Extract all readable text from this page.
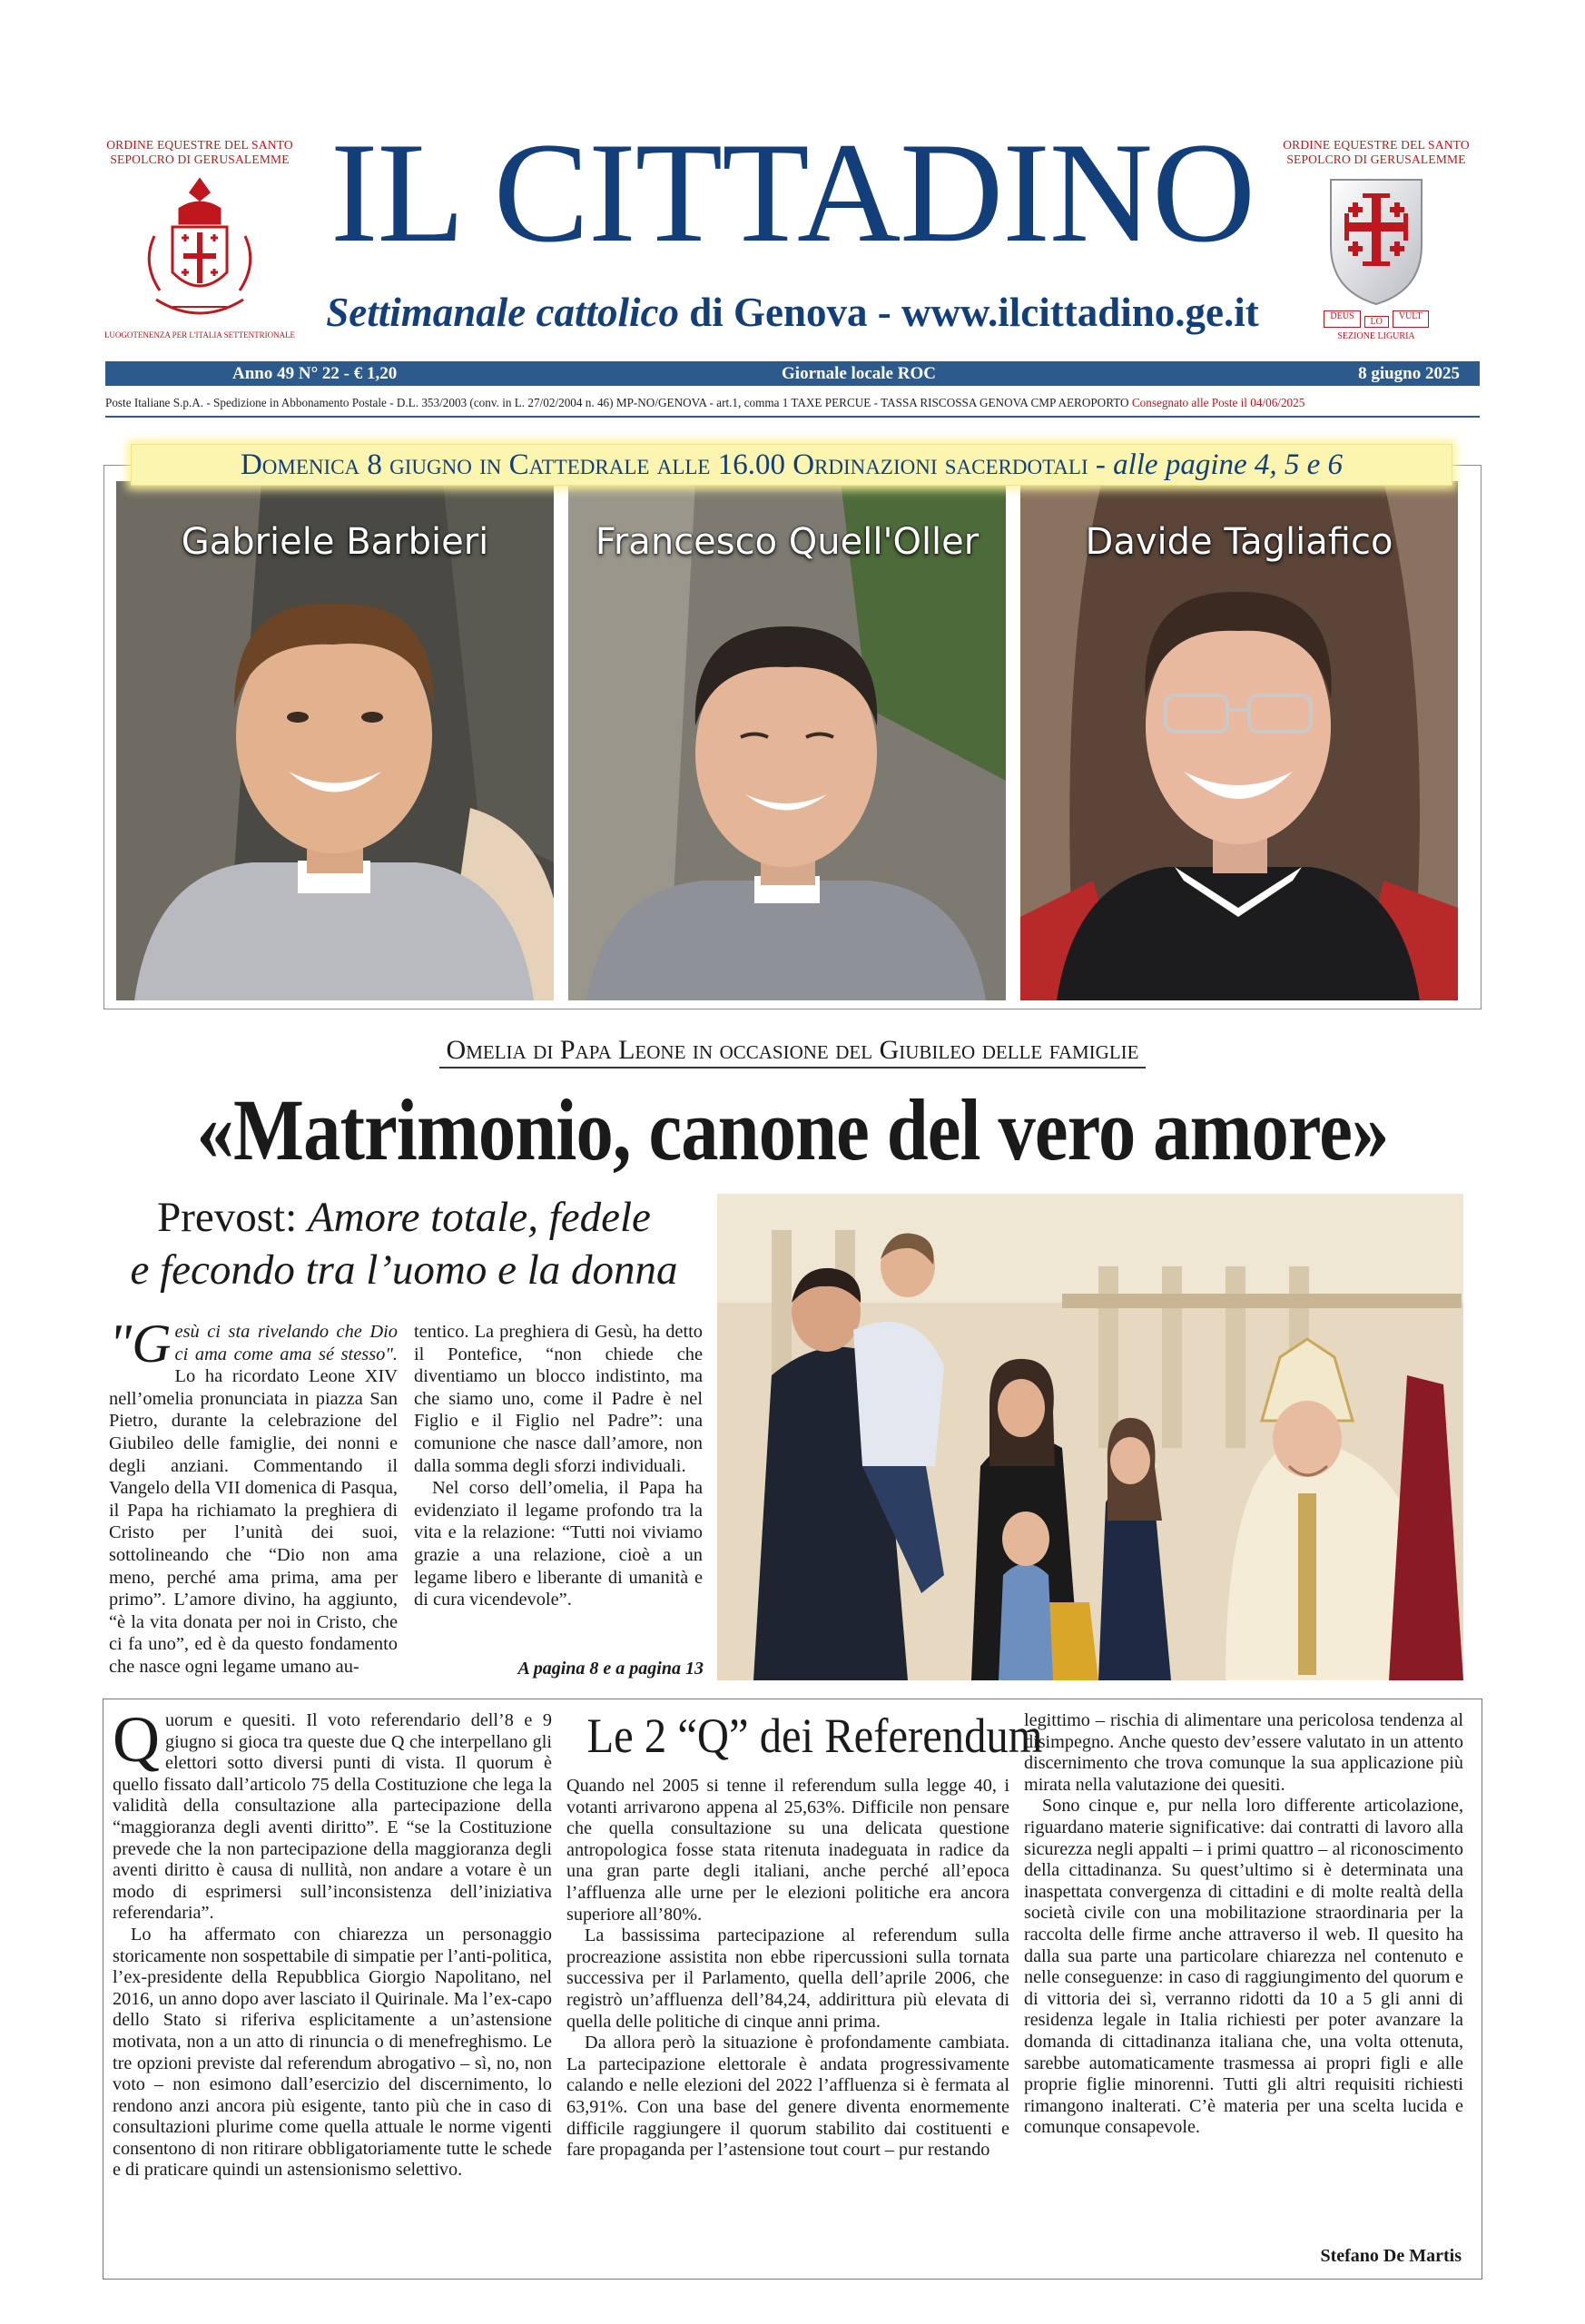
ORDINE EQUESTRE DEL SANTO
SEPOLCRO DI GERUSALEMME
LUOGOTENENZA PER L'ITALIA SETTENTRIONALE
IL CITTADINO
Settimanale cattolico di Genova - www.ilcittadino.ge.it
ORDINE EQUESTRE DEL SANTO
SEPOLCRO DI GERUSALEMME
DEUS
LO
VULT
SEZIONE LIGURIA
Anno 49 N° 22 - € 1,20	Giornale locale ROC	8 giugno 2025
Poste Italiane S.p.A. - Spedizione in Abbonamento Postale - D.L. 353/2003 (conv. in L. 27/02/2004 n. 46) MP-NO/GENOVA - art.1, comma 1 TAXE PERCUE - TASSA RISCOSSA GENOVA CMP AEROPORTO Consegnato alle Poste il 04/06/2025
Gabriele Barbieri	Francesco Quell'Oller	Davide Tagliafico
Domenica 8 giugno in Cattedrale alle 16.00 Ordinazioni sacerdotali - alle pagine 4, 5 e 6
Omelia di Papa Leone in occasione del Giubileo delle famiglie
«Matrimonio, canone del vero amore»
Prevost: Amore totale, fedele
e fecondo tra l’uomo e la donna

"Gesù ci sta rivelando che Dio ci ama come ama sé stesso". Lo ha ricordato Leone XIV nell’omelia pronunciata in piazza San Pietro, durante la celebrazione del Giubileo delle famiglie, dei nonni e degli anziani. Commentando il Vangelo della VII domenica di Pasqua, il Papa ha richiamato la preghiera di Cristo per l’unità dei suoi, sottolineando che “Dio non ama meno, perché ama prima, ama per primo”. L’amore divino, ha aggiunto, “è la vita donata per noi in Cristo, che ci fa uno”, ed è da questo fondamento che nasce ogni legame umano au-

tentico. La preghiera di Gesù, ha detto il Pontefice, “non chiede che diventiamo un blocco indistinto, ma che siamo uno, come il Padre è nel Figlio e il Figlio nel Padre”: una comunione che nasce dall’amore, non dalla somma degli sforzi individuali.

Nel corso dell’omelia, il Papa ha evidenziato il legame profondo tra la vita e la relazione: “Tutti noi viviamo grazie a una relazione, cioè a un legame libero e liberante di umanità e di cura vicendevole”.

A pagina 8 e a pagina 13
Le 2 “Q” dei Referendum

Quorum e quesiti. Il voto referendario dell’8 e 9 giugno si gioca tra queste due Q che interpellano gli elettori sotto diversi punti di vista. Il quorum è quello fissato dall’articolo 75 della Costituzione che lega la validità della consultazione alla partecipazione della “maggioranza degli aventi diritto”. E “se la Costituzione prevede che la non partecipazione della maggioranza degli aventi diritto è causa di nullità, non andare a votare è un modo di esprimersi sull’inconsistenza dell’iniziativa referendaria”.

Lo ha affermato con chiarezza un personaggio storicamente non sospettabile di simpatie per l’anti-politica, l’ex-presidente della Repubblica Giorgio Napolitano, nel 2016, un anno dopo aver lasciato il Quirinale. Ma l’ex-capo dello Stato si riferiva esplicitamente a un’astensione motivata, non a un atto di rinuncia o di menefreghismo. Le tre opzioni previste dal referendum abrogativo – sì, no, non voto – non esimono dall’esercizio del discernimento, lo rendono anzi ancora più esigente, tanto più che in caso di consultazioni plurime come quella attuale le norme vigenti consentono di non ritirare obbligatoriamente tutte le schede e di praticare quindi un astensionismo selettivo.

Quando nel 2005 si tenne il referendum sulla legge 40, i votanti arrivarono appena al 25,63%. Difficile non pensare che quella consultazione su una delicata questione antropologica fosse stata ritenuta inadeguata in radice da una gran parte degli italiani, anche perché all’epoca l’affluenza alle urne per le elezioni politiche era ancora superiore all’80%.

La bassissima partecipazione al referendum sulla procreazione assistita non ebbe ripercussioni sulla tornata successiva per il Parlamento, quella dell’aprile 2006, che registrò un’affluenza dell’84,24, addirittura più elevata di quella delle politiche di cinque anni prima.

Da allora però la situazione è profondamente cambiata. La partecipazione elettorale è andata progressivamente calando e nelle elezioni del 2022 l’affluenza si è fermata al 63,91%. Con una base del genere diventa enormemente difficile raggiungere il quorum stabilito dai costituenti e fare propaganda per l’astensione tout court – pur restando

legittimo – rischia di alimentare una pericolosa tendenza al disimpegno. Anche questo dev’essere valutato in un attento discernimento che trova comunque la sua applicazione più mirata nella valutazione dei quesiti.

Sono cinque e, pur nella loro differente articolazione, riguardano materie significative: dai contratti di lavoro alla sicurezza negli appalti – i primi quattro – al riconoscimento della cittadinanza. Su quest’ultimo si è determinata una inaspettata convergenza di cittadini e di molte realtà della società civile con una mobilitazione straordinaria per la raccolta delle firme anche attraverso il web. Il quesito ha dalla sua parte una particolare chiarezza nel contenuto e nelle conseguenze: in caso di raggiungimento del quorum e di vittoria dei sì, verranno ridotti da 10 a 5 gli anni di residenza legale in Italia richiesti per poter avanzare la domanda di cittadinanza italiana che, una volta ottenuta, sarebbe automaticamente trasmessa ai propri figli e alle proprie figlie minorenni. Tutti gli altri requisiti richiesti rimangono inalterati. C’è materia per una scelta lucida e comunque consapevole.

Stefano De Martis
